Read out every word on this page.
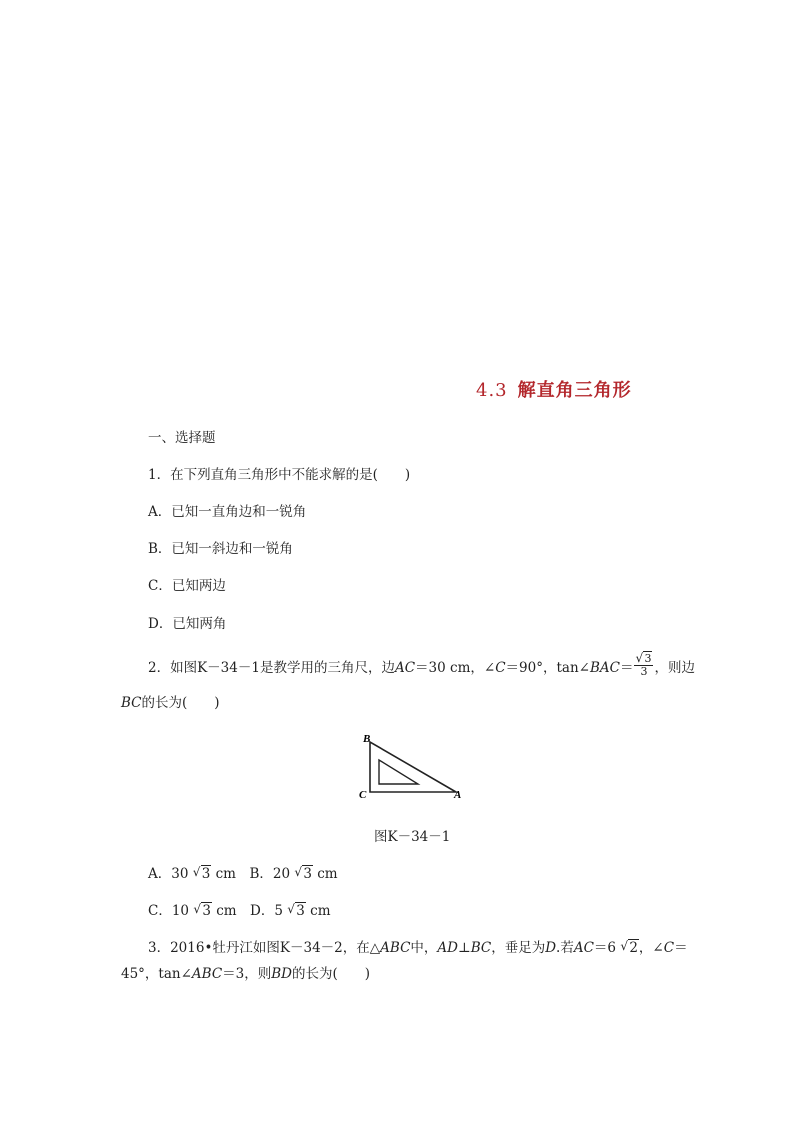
4.3 解直角三角形
一、选择题
1．在下列直角三角形中不能求解的是(　　)
A．已知一直角边和一锐角
B．已知一斜边和一锐角
C．已知两边
D．已知两角
2．如图K－34－1是教学用的三角尺，边AC＝30 cm，∠C＝90°，tan∠BAC＝
√ $\frac{3}{3}$ ，则边
BC的长为(　　)
B
C	A
图K－34－1
A．30 √ 3 cm　B．20 √ 3 cm
C．10 √ 3 cm　D．5 √ 3 cm
3．2016•牡丹江如图K－34－2，在△ABC中，AD⊥BC，垂足为D.若AC＝6 √ 2，∠C＝
45°，tan∠ABC＝3，则BD的长为(　　)
